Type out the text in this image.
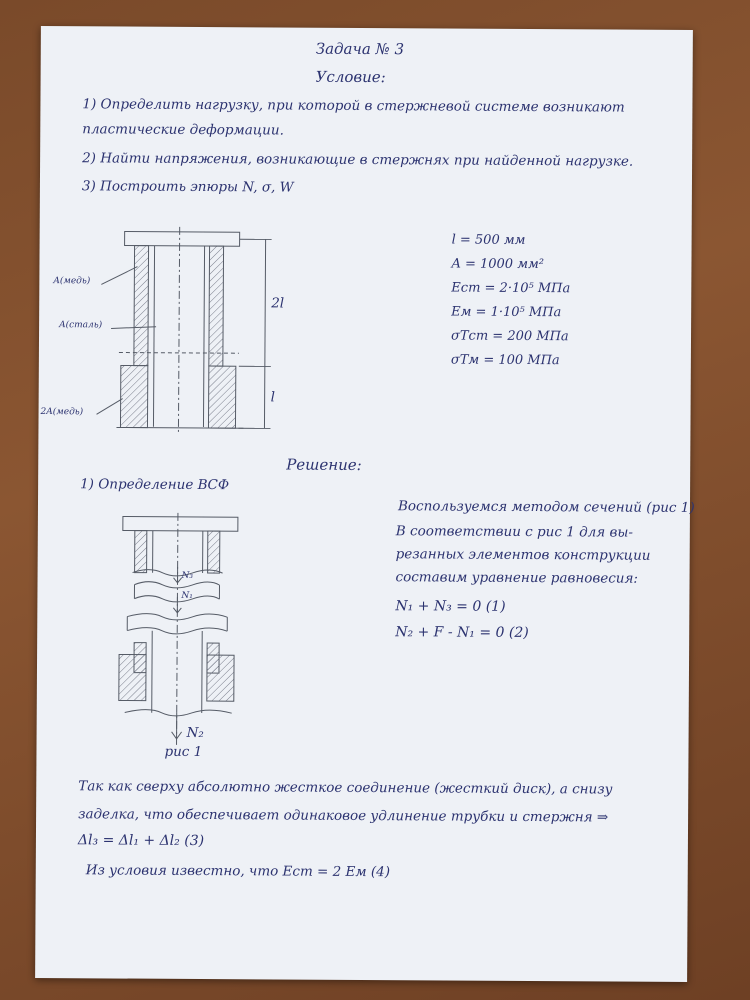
Задача № 3
Условие:
1) Определить нагрузку, при которой в стержневой системе возникают
пластические деформации.
2) Найти напряжения, возникающие в стержнях при найденной нагрузке.
3) Построить эпюры N, σ, W
A(медь)
A(сталь)
2A(медь)
2l
l
l = 500 мм
A = 1000 мм²
Eст = 2·10⁵ МПа
Eм = 1·10⁵ МПа
σТст = 200 МПа
σТм = 100 МПа
Решение:
1) Определение ВСФ
N₃
N₁
N₂
рис 1
Воспользуемся методом сечений (рис 1)
В соответствии с рис 1 для вы-
резанных элементов конструкции
составим уравнение равновесия:
N₁ + N₃ = 0 (1)
N₂ + F - N₁ = 0 (2)
Так как сверху абсолютно жесткое соединение (жесткий диск), а снизу
заделка, что обеспечивает одинаковое удлинение трубки и стержня ⇒
Δl₃ = Δl₁ + Δl₂ (3)
Из условия известно, что Eст = 2 Eм (4)
